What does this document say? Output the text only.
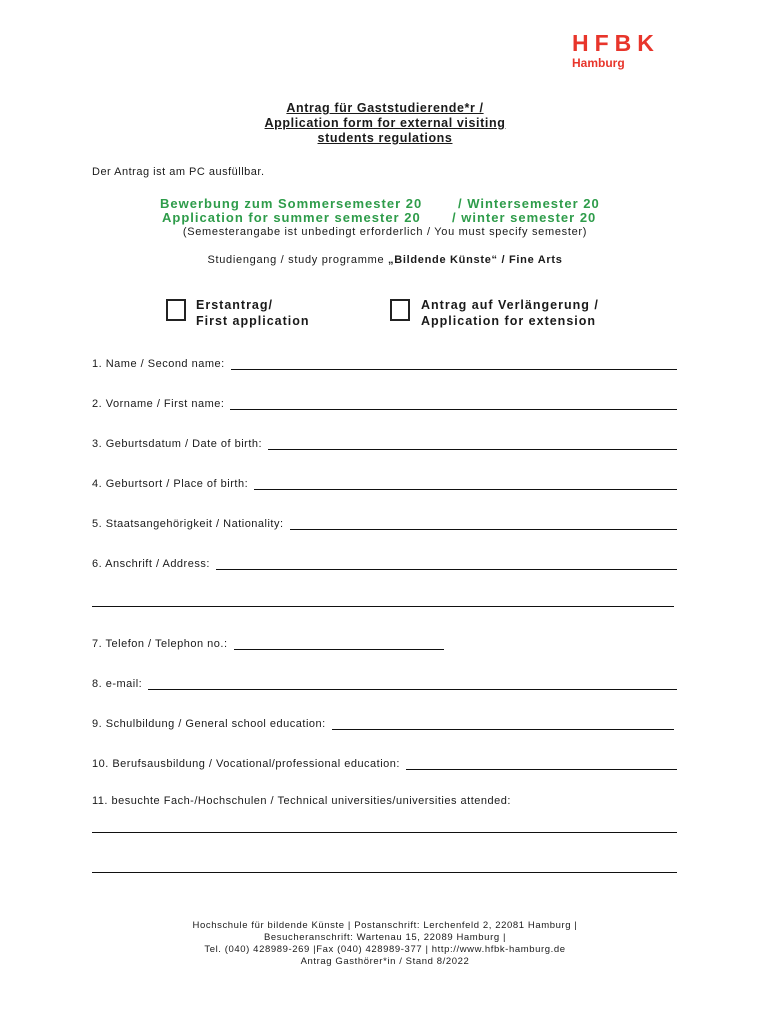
HFBK
Hamburg
Antrag für Gaststudierende*r /
Application form for external visiting
students regulations
Der Antrag ist am PC ausfüllbar.
Bewerbung zum Sommersemester 20	/ Wintersemester 20
Application for summer semester 20 / winter semester 20
(Semesterangabe ist unbedingt erforderlich / You must specify semester)
Studiengang / study programme „Bildende Künste“ / Fine Arts
Erstantrag/
First application
Antrag auf Verlängerung /
Application for extension
1. Name / Second name:
2. Vorname / First name:
3. Geburtsdatum / Date of birth:
4. Geburtsort / Place of birth:
5. Staatsangehörigkeit / Nationality:
6. Anschrift / Address:
7. Telefon / Telephon no.:
8. e-mail:
9. Schulbildung / General school education:
10. Berufsausbildung / Vocational/professional education:
11. besuchte Fach-/Hochschulen / Technical universities/universities attended:
Hochschule für bildende Künste | Postanschrift: Lerchenfeld 2, 22081 Hamburg |
Besucheranschrift: Wartenau 15, 22089 Hamburg |
Tel. (040) 428989-269 |Fax (040) 428989-377 | http://www.hfbk-hamburg.de
Antrag Gasthörer*in / Stand 8/2022
